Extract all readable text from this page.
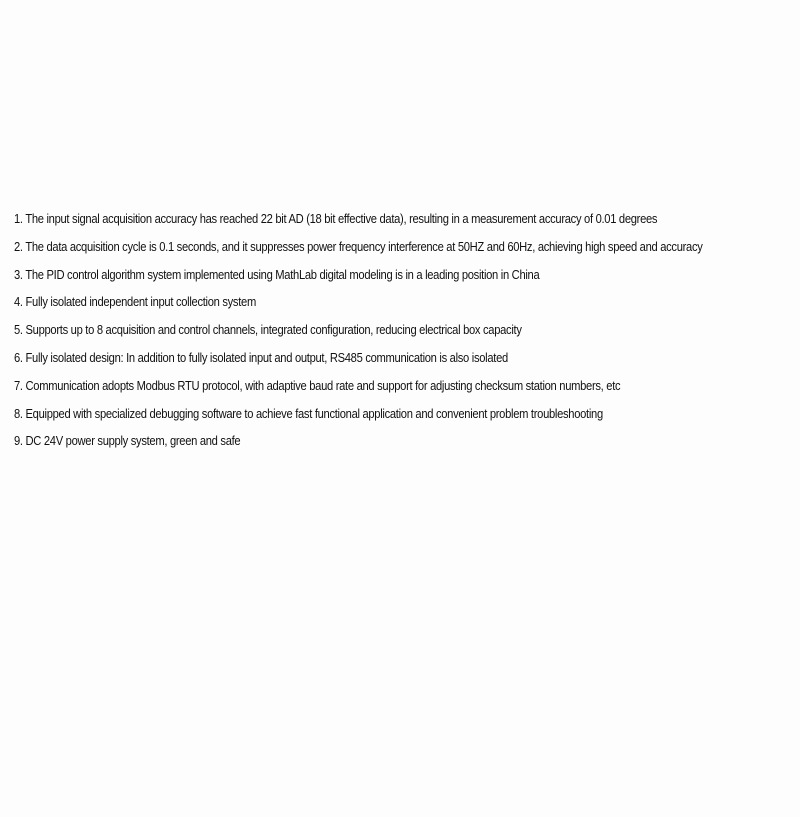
1. The input signal acquisition accuracy has reached 22 bit AD (18 bit effective data), resulting in a measurement accuracy of 0.01 degrees
2. The data acquisition cycle is 0.1 seconds, and it suppresses power frequency interference at 50HZ and 60Hz, achieving high speed and accuracy
3. The PID control algorithm system implemented using MathLab digital modeling is in a leading position in China
4. Fully isolated independent input collection system
5. Supports up to 8 acquisition and control channels, integrated configuration, reducing electrical box capacity
6. Fully isolated design: In addition to fully isolated input and output, RS485 communication is also isolated
7. Communication adopts Modbus RTU protocol, with adaptive baud rate and support for adjusting checksum station numbers, etc
8. Equipped with specialized debugging software to achieve fast functional application and convenient problem troubleshooting
9. DC 24V power supply system, green and safe
